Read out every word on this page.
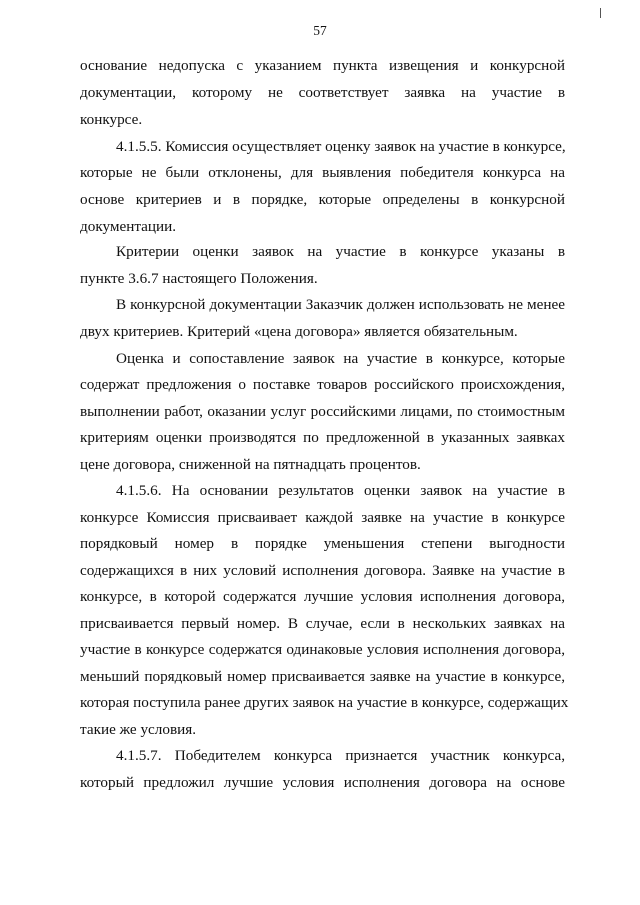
57
основание недопуска с указанием пункта извещения и конкурсной
документации, которому не соответствует заявка на участие в
конкурсе.
4.1.5.5. Комиссия осуществляет оценку заявок на участие в конкурсе,
которые не были отклонены, для выявления победителя конкурса на
основе критериев и в порядке, которые определены в конкурсной
документации.
Критерии оценки заявок на участие в конкурсе указаны в
пункте 3.6.7 настоящего Положения.
В конкурсной документации Заказчик должен использовать не менее
двух критериев. Критерий «цена договора» является обязательным.
Оценка и сопоставление заявок на участие в конкурсе, которые
содержат предложения о поставке товаров российского происхождения,
выполнении работ, оказании услуг российскими лицами, по стоимостным
критериям оценки производятся по предложенной в указанных заявках
цене договора, сниженной на пятнадцать процентов.
4.1.5.6. На основании результатов оценки заявок на участие в
конкурсе Комиссия присваивает каждой заявке на участие в конкурсе
порядковый номер в порядке уменьшения степени выгодности
содержащихся в них условий исполнения договора. Заявке на участие в
конкурсе, в которой содержатся лучшие условия исполнения договора,
присваивается первый номер. В случае, если в нескольких заявках на
участие в конкурсе содержатся одинаковые условия исполнения договора,
меньший порядковый номер присваивается заявке на участие в конкурсе,
которая поступила ранее других заявок на участие в конкурсе, содержащих
такие же условия.
4.1.5.7. Победителем конкурса признается участник конкурса,
который предложил лучшие условия исполнения договора на основе
